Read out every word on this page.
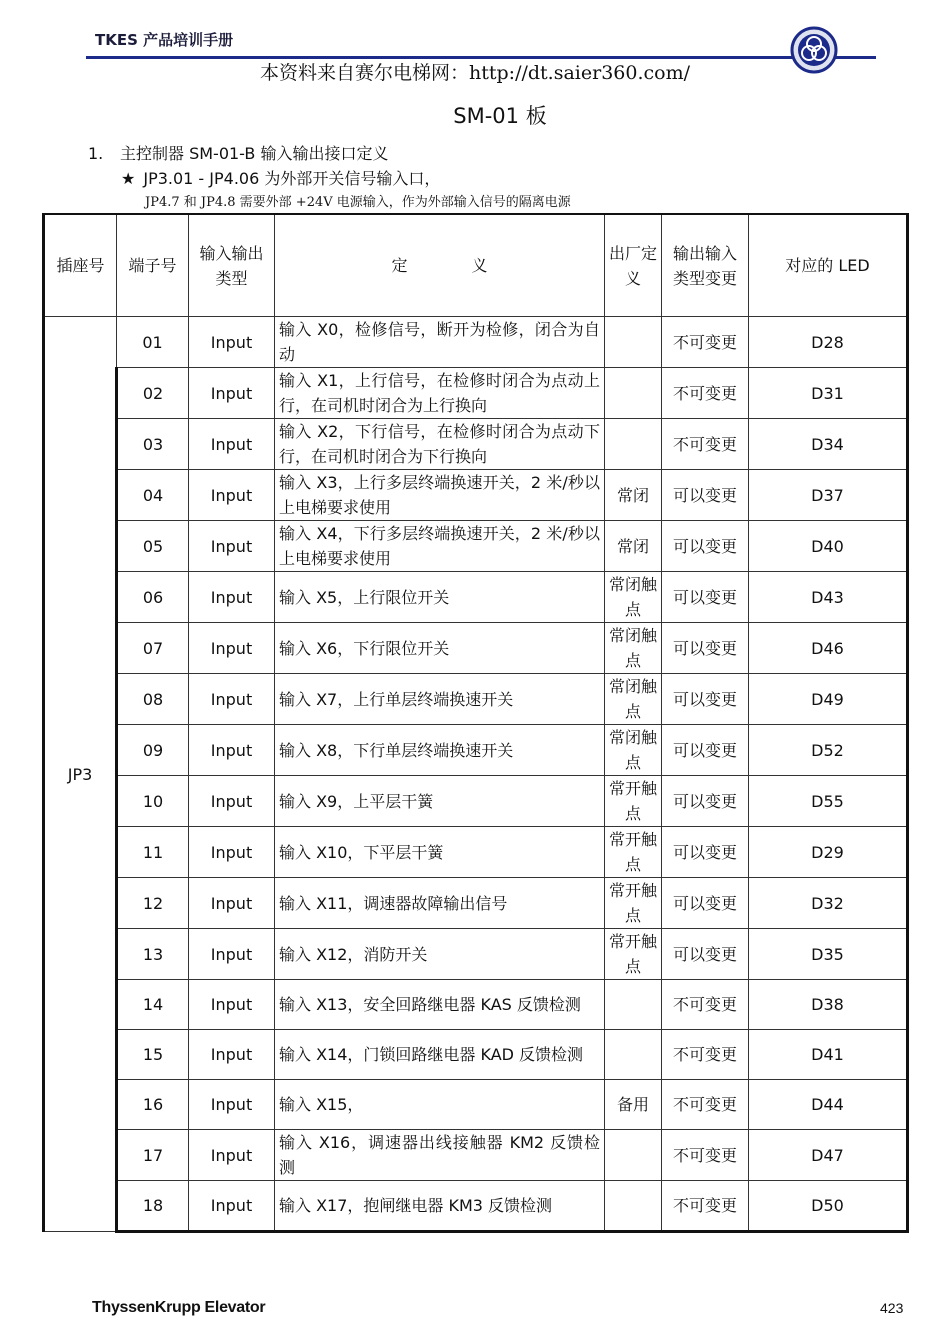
TKES 产品培训手册
本资料来自赛尔电梯网：http://dt.saier360.com/
SM-01 板
1. 主控制器 SM-01-B 输入输出接口定义
★ JP3.01 - JP4.06 为外部开关信号输入口，
JP4.7 和 JP4.8 需要外部 +24V 电源输入，作为外部输入信号的隔离电源
插座号	端子号	输入输出类型	定　　　　义	出厂定义	输出输入类型变更	对应的 LED
JP3	01	Input	输入 X0，检修信号，断开为检修，闭合为自动		不可变更	D28
	02	Input	输入 X1，上行信号，在检修时闭合为点动上行，在司机时闭合为上行换向		不可变更	D31
	03	Input	输入 X2，下行信号，在检修时闭合为点动下行，在司机时闭合为下行换向		不可变更	D34
	04	Input	输入 X3，上行多层终端换速开关，2 米/秒以上电梯要求使用	常闭	可以变更	D37
	05	Input	输入 X4，下行多层终端换速开关，2 米/秒以上电梯要求使用	常闭	可以变更	D40
	06	Input	输入 X5，上行限位开关	常闭触点	可以变更	D43
	07	Input	输入 X6，下行限位开关	常闭触点	可以变更	D46
	08	Input	输入 X7，上行单层终端换速开关	常闭触点	可以变更	D49
	09	Input	输入 X8，下行单层终端换速开关	常闭触点	可以变更	D52
	10	Input	输入 X9，上平层干簧	常开触点	可以变更	D55
	11	Input	输入 X10，下平层干簧	常开触点	可以变更	D29
	12	Input	输入 X11，调速器故障输出信号	常开触点	可以变更	D32
	13	Input	输入 X12，消防开关	常开触点	可以变更	D35
	14	Input	输入 X13，安全回路继电器 KAS 反馈检测		不可变更	D38
	15	Input	输入 X14，门锁回路继电器 KAD 反馈检测		不可变更	D41
	16	Input	输入 X15，	备用	不可变更	D44
	17	Input	输入 X16，调速器出线接触器 KM2 反馈检测		不可变更	D47
	18	Input	输入 X17，抱闸继电器 KM3 反馈检测		不可变更	D50
ThyssenKrupp Elevator	423
